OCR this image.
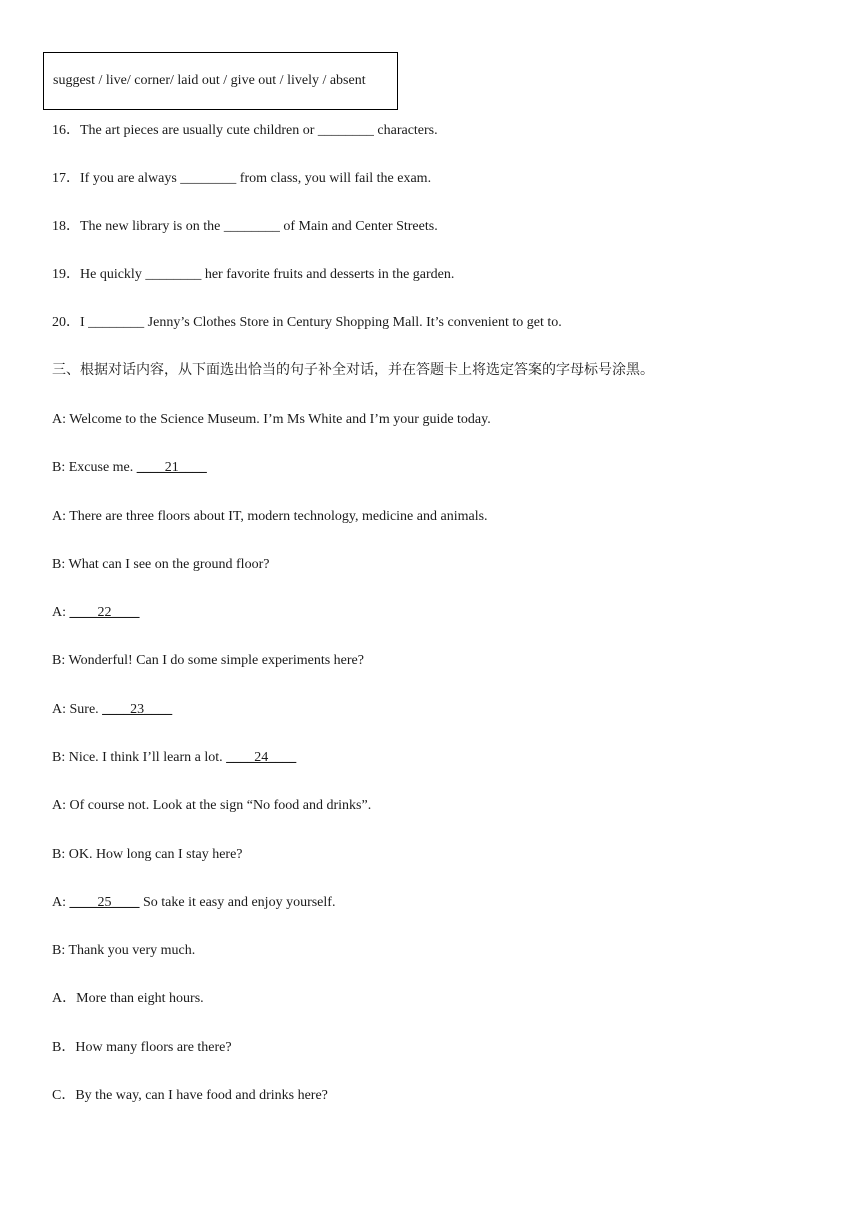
suggest / live/ corner/ laid out / give out / lively / absent
16．The art pieces are usually cute children or ________ characters.
17．If you are always ________ from class, you will fail the exam.
18．The new library is on the ________ of Main and Center Streets.
19．He quickly ________ her favorite fruits and desserts in the garden.
20．I ________ Jenny’s Clothes Store in Century Shopping Mall. It’s convenient to get to.
三、根据对话内容，从下面选出恰当的句子补全对话，并在答题卡上将选定答案的字母标号涂黑。
A: Welcome to the Science Museum. I’m Ms White and I’m your guide today.
B: Excuse me. ____21____
A: There are three floors about IT, modern technology, medicine and animals.
B: What can I see on the ground floor?
A: ____22____
B: Wonderful! Can I do some simple experiments here?
A: Sure. ____23____
B: Nice. I think I’ll learn a lot. ____24____
A: Of course not. Look at the sign “No food and drinks”.
B: OK. How long can I stay here?
A: ____25____ So take it easy and enjoy yourself.
B: Thank you very much.
A．More than eight hours.
B．How many floors are there?
C．By the way, can I have food and drinks here?
